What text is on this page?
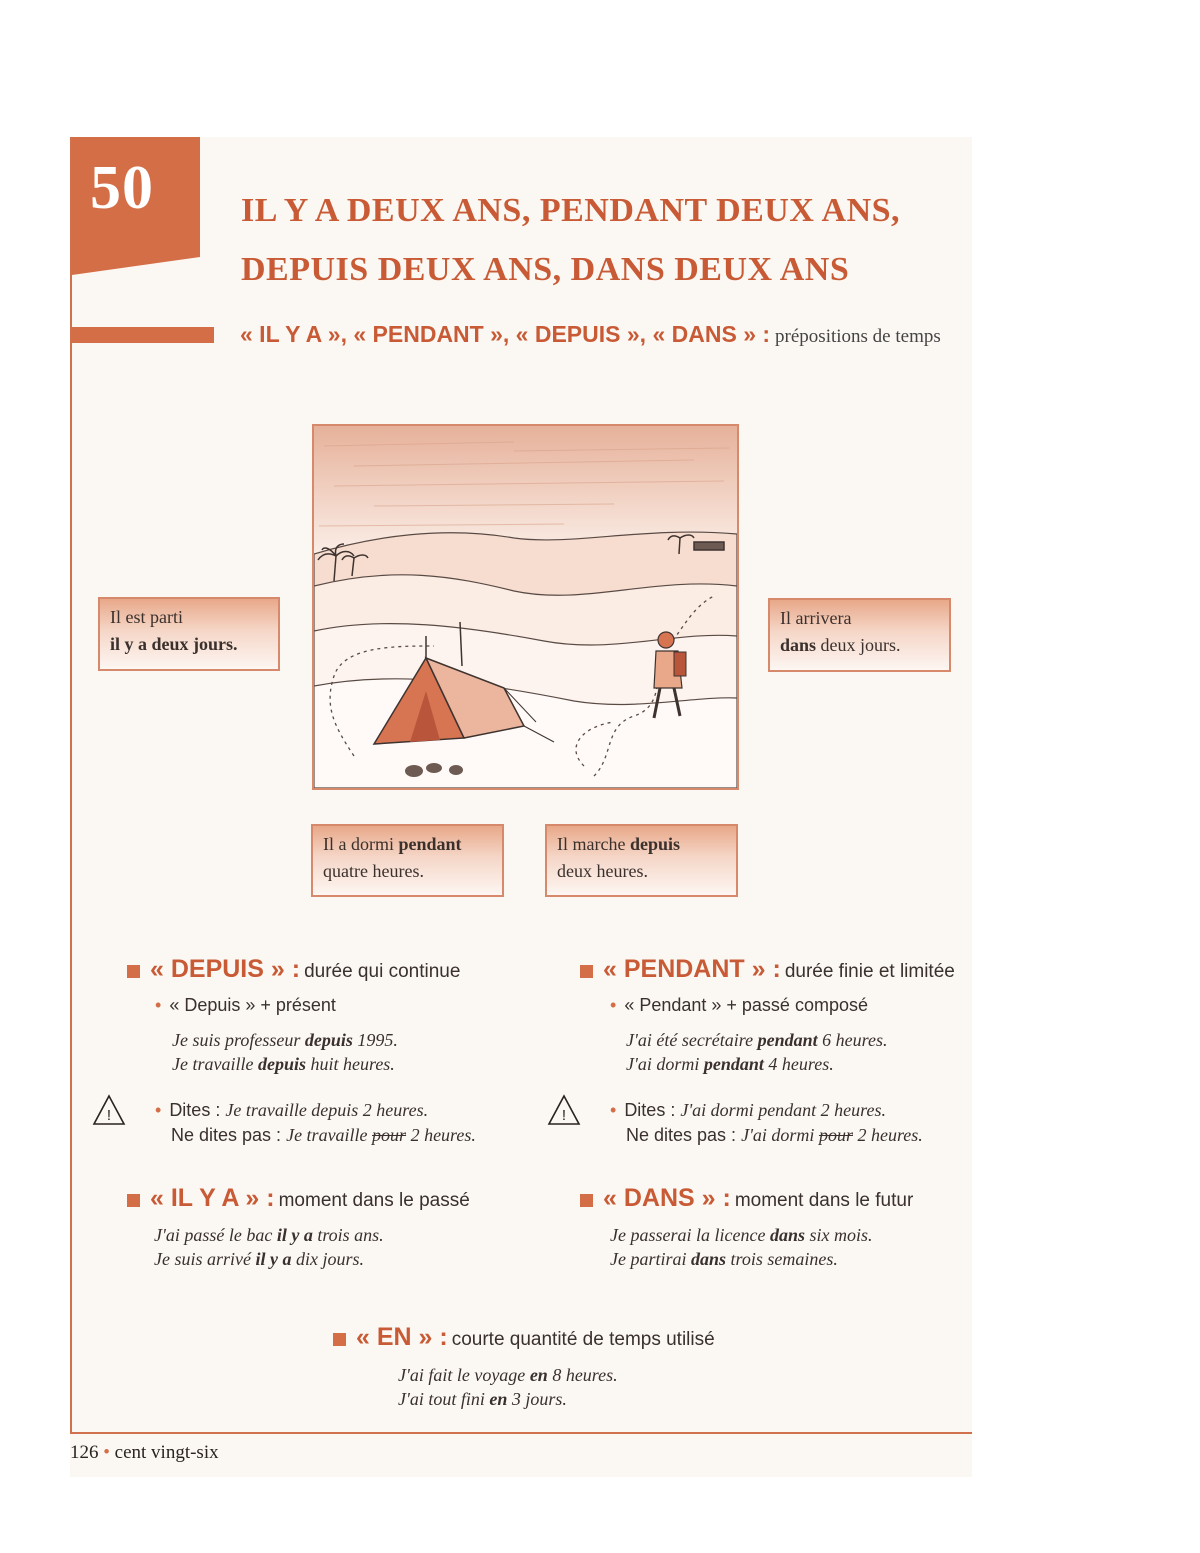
50	IL Y A DEUX ANS, PENDANT DEUX ANS,
DEPUIS DEUX ANS, DANS DEUX ANS
« IL Y A », « PENDANT », « DEPUIS », « DANS » : prépositions de temps
Il est parti
il y a deux jours.
Il arrivera
dans deux jours.
Il a dormi pendant
quatre heures.
Il marche depuis
deux heures.
« DEPUIS » : durée qui continue
• « Depuis » + présent
Je suis professeur depuis 1995.
Je travaille depuis huit heures.
! • Dites : Je travaille depuis 2 heures.
Ne dites pas : Je travaille pour 2 heures.
« PENDANT » : durée finie et limitée
• « Pendant » + passé composé
J'ai été secrétaire pendant 6 heures.
J'ai dormi pendant 4 heures.
! • Dites : J'ai dormi pendant 2 heures.
Ne dites pas : J'ai dormi pour 2 heures.
« IL Y A » : moment dans le passé
J'ai passé le bac il y a trois ans.
Je suis arrivé il y a dix jours.
« DANS » : moment dans le futur
Je passerai la licence dans six mois.
Je partirai dans trois semaines.
« EN » : courte quantité de temps utilisé
J'ai fait le voyage en 8 heures.
J'ai tout fini en 3 jours.
126 • cent vingt-six
